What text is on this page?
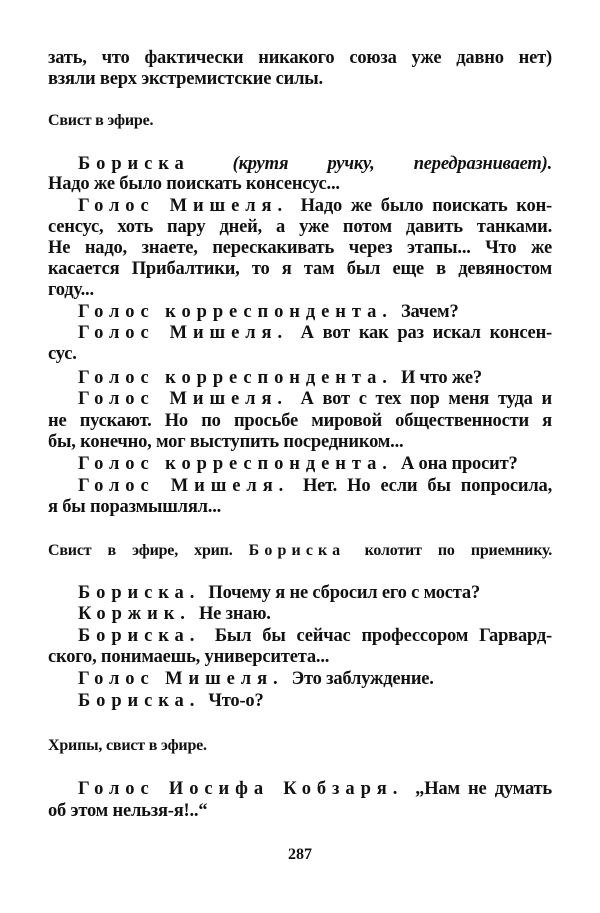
зать, что фактически никакого союза уже давно нет)
взяли верх экстремистские силы.
Свист в эфире.
Бориска (крутя ручку, передразнивает).
Надо же было поискать консенсус...
Голос Мишеля. Надо же было поискать кон-
сенсус, хоть пару дней, а уже потом давить танками.
Не надо, знаете, перескакивать через этапы... Что же
касается Прибалтики, то я там был еще в девяностом
году...
Голос корреспондента. Зачем?
Голос Мишеля. А вот как раз искал консен-
сус.
Голос корреспондента. И что же?
Голос Мишеля. А вот с тех пор меня туда и
не пускают. Но по просьбе мировой общественности я
бы, конечно, мог выступить посредником...
Голос корреспондента. А она просит?
Голос Мишеля. Нет. Но если бы попросила,
я бы поразмышлял...
Свист в эфире, хрип. Бориска колотит по приемнику.
Бориска. Почему я не сбросил его с моста?
Коржик. Не знаю.
Бориска. Был бы сейчас профессором Гарвард-
ского, понимаешь, университета...
Голос Мишеля. Это заблуждение.
Бориска. Что-о?
Хрипы, свист в эфире.
Голос Иосифа Кобзаря. „Нам не думать
об этом нельзя-я!..“
287
